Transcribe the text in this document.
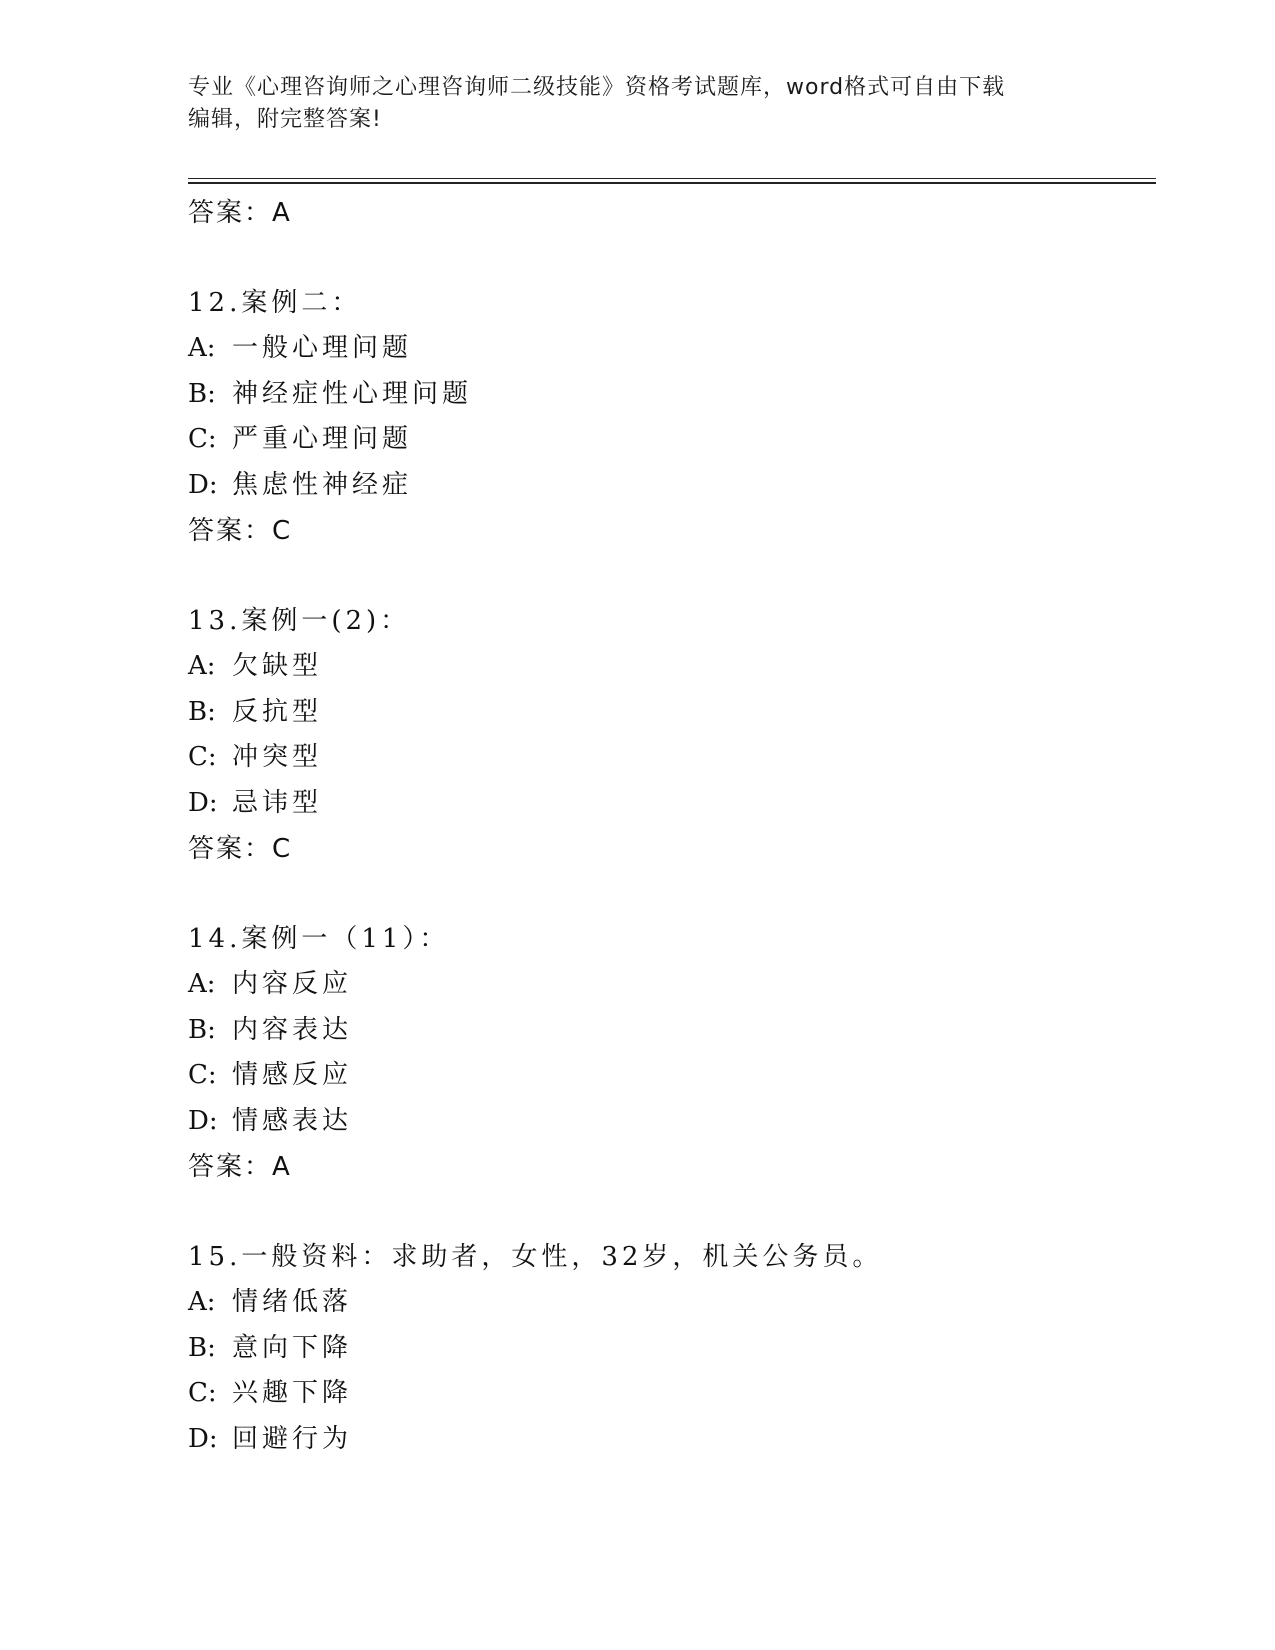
专业《心理咨询师之心理咨询师二级技能》资格考试题库，word格式可自由下载
编辑，附完整答案!
答案：A
12.案例二：
A: 一般心理问题
B: 神经症性心理问题
C: 严重心理问题
D: 焦虑性神经症
答案：C
13.案例一(2)：
A: 欠缺型
B: 反抗型
C: 冲突型
D: 忌讳型
答案：C
14.案例一（11）：
A: 内容反应
B: 内容表达
C: 情感反应
D: 情感表达
答案：A
15.一般资料：求助者，女性，32岁，机关公务员。
A: 情绪低落
B: 意向下降
C: 兴趣下降
D: 回避行为
